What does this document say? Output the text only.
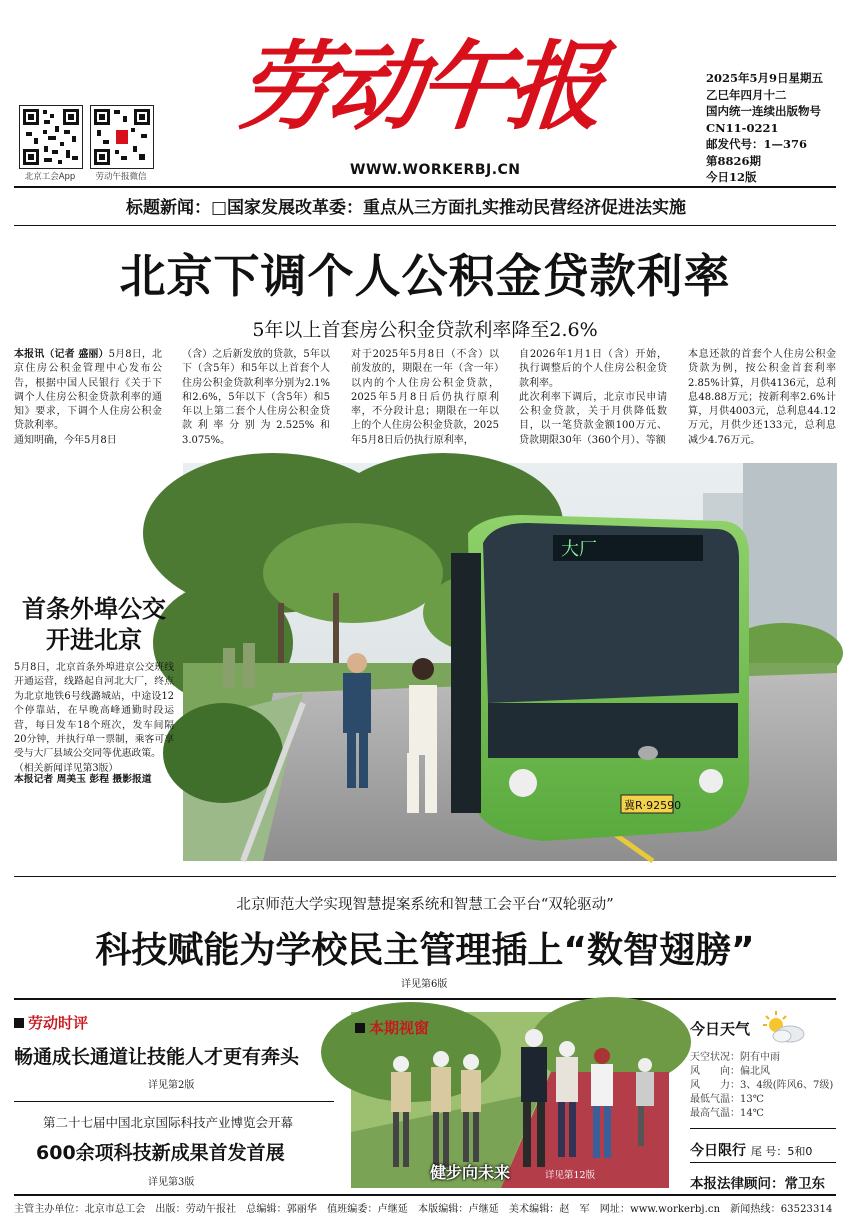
北京工会App	劳动午报微信
劳动午报
WWW.WORKERBJ.CN
2025年5月9日星期五
乙巳年四月十二
国内统一连续出版物号
CN11-0221
邮发代号：1—376
第8826期
今日12版
标题新闻：□国家发展改革委：重点从三方面扎实推动民营经济促进法实施
北京下调个人公积金贷款利率
5年以上首套房公积金贷款利率降至2.6%
本报讯（记者 盛丽）5月8日，北京住房公积金管理中心发布公告，根据中国人民银行《关于下调个人住房公积金贷款利率的通知》要求，下调个人住房公积金贷款利率。
通知明确，今年5月8日
（含）之后新发放的贷款，5年以下（含5年）和5年以上首套个人住房公积金贷款利率分别为2.1%和2.6%，5年以下（含5年）和5年以上第二套个人住房公积金贷款利率分别为2.525%和3.075%。
对于2025年5月8日（不含）以前发放的，期限在一年（含一年）以内的个人住房公积金贷款，2025年5月8日后仍执行原利率，不分段计息；期限在一年以上的个人住房公积金贷款，2025年5月8日后仍执行原利率，
自2026年1月1日（含）开始，执行调整后的个人住房公积金贷款利率。
此次利率下调后，北京市民申请公积金贷款，关于月供降低数目，以一笔贷款金额100万元、贷款期限30年（360个月）、等额
本息还款的首套个人住房公积金贷款为例，按公积金首套利率2.85%计算，月供4136元，总利息48.88万元；按新利率2.6%计算，月供4003元，总利息44.12万元，月供少还133元，总利息减少4.76万元。
大厂
冀R·92590
首条外埠公交
开进北京
5月8日，北京首条外埠进京公交班线开通运营，线路起自河北大厂，终点为北京地铁6号线潞城站，中途设12个停靠站，在早晚高峰通勤时段运营，每日发车18个班次，发车间隔20分钟，并执行单一票制，乘客可享受与大厂县域公交同等优惠政策。
（相关新闻详见第3版）
本报记者 周美玉 彭程 摄影报道
北京师范大学实现智慧提案系统和智慧工会平台“双轮驱动”
科技赋能为学校民主管理插上“数智翅膀”
详见第6版
劳动时评
畅通成长通道让技能人才更有奔头
详见第2版
第二十七届中国北京国际科技产业博览会开幕
600余项科技新成果首发首展
详见第3版
本期视窗
健步向未来	详见第12版
今日天气
天空状况：阴有中雨
风　　向：偏北风
风　　力：3、4级(阵风6、7级)
最低气温：13℃
最高气温：14℃
今日限行 尾 号：5和0
本报法律顾问：常卫东
主管主办单位：北京市总工会　出版：劳动午报社　总编辑：郭丽华　值班编委：卢继延　本版编辑：卢继延　美术编辑：赵　军　网址：www.workerbj.cn　新闻热线：63523314
